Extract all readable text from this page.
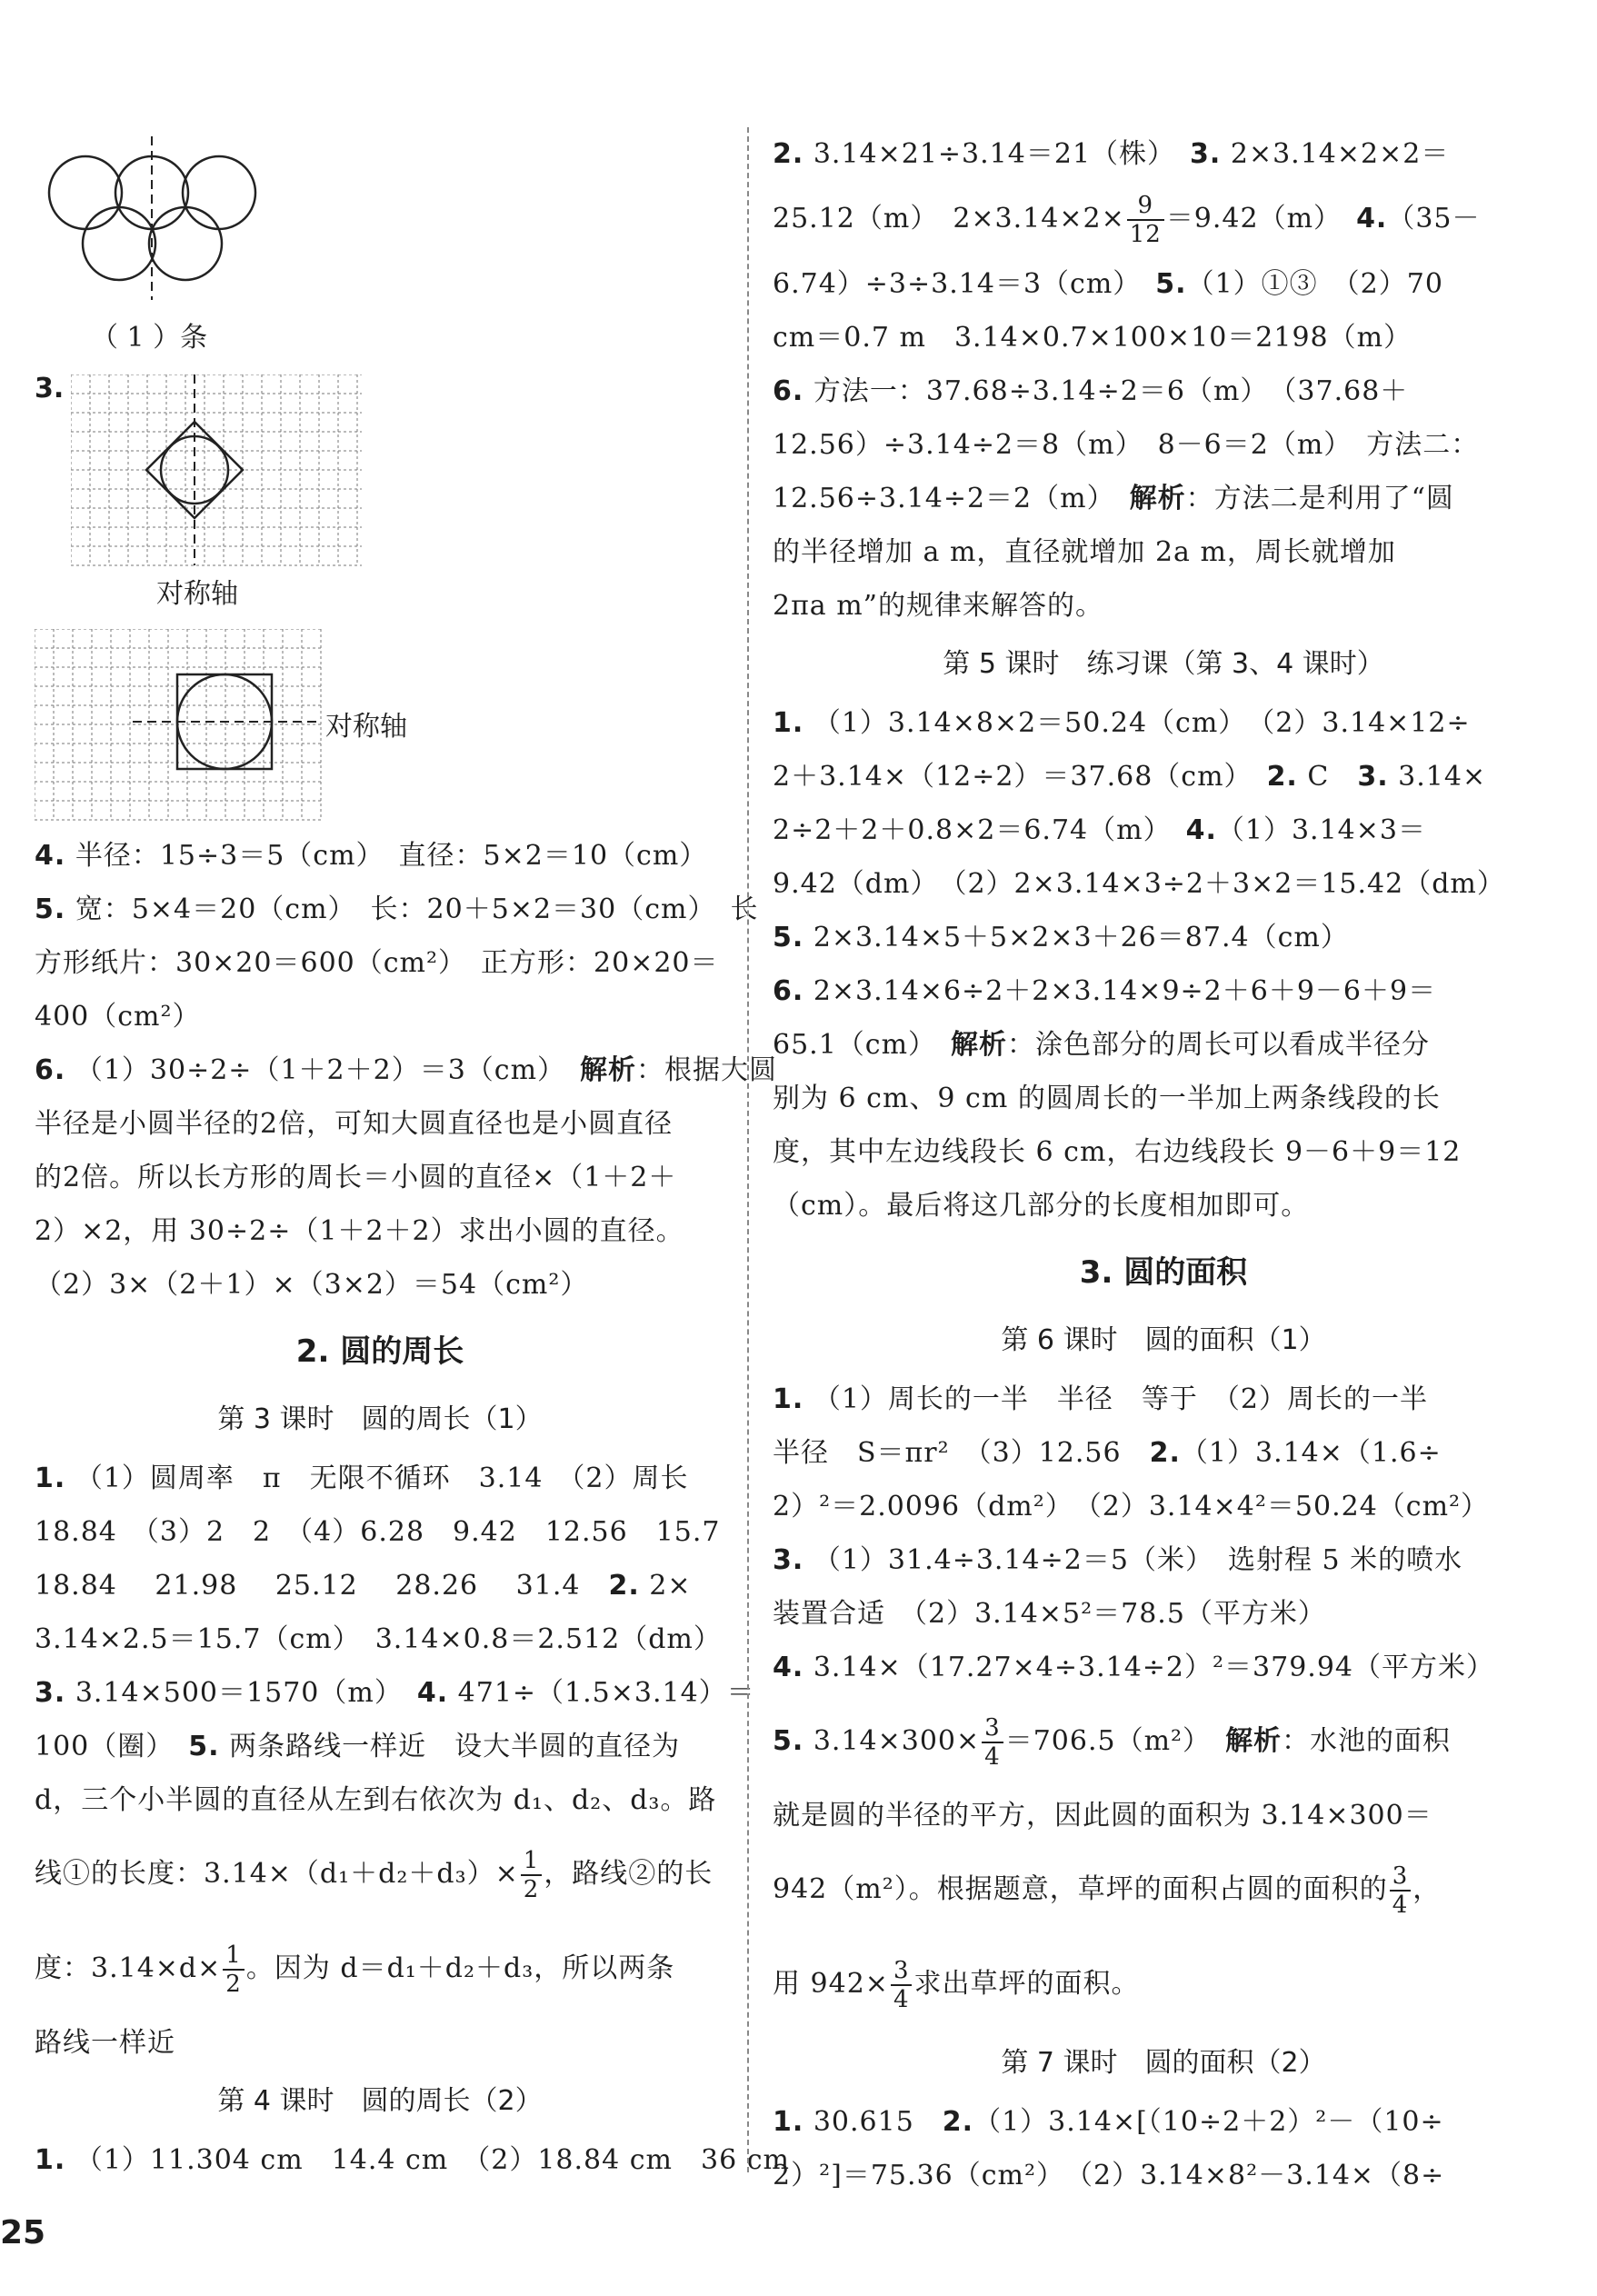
（ 1 ）条
3.
对称轴
对称轴

4. 半径：15÷3＝5（cm）　直径：5×2＝10（cm）

5. 宽：5×4＝20（cm）　长：20＋5×2＝30（cm）　长

方形纸片：30×20＝600（cm²）　正方形：20×20＝

400（cm²）

6. （1）30÷2÷（1＋2＋2）＝3（cm）　解析：根据大圆

半径是小圆半径的2倍，可知大圆直径也是小圆直径

的2倍。所以长方形的周长＝小圆的直径×（1＋2＋

2）×2，用 30÷2÷（1＋2＋2）求出小圆的直径。

（2）3×（2＋1）×（3×2）＝54（cm²）

2. 圆的周长
第 3 课时　圆的周长（1）

1. （1）圆周率　π　无限不循环　3.14　（2）周长

18.84　（3）2　2　（4）6.28　9.42　12.56　15.7

18.84　 21.98　 25.12　 28.26　 31.4　2. 2×

3.14×2.5＝15.7（cm）　3.14×0.8＝2.512（dm）

3. 3.14×500＝1570（m）　4. 471÷（1.5×3.14）＝

100（圈）　5. 两条路线一样近　设大半圆的直径为

d，三个小半圆的直径从左到右依次为 d₁、d₂、d₃。路

线①的长度：$3.14\times(d_1+d_2+d_3)\times \frac{1}{2}$ ，路线②的长

度：$3.14\times d\times \frac{1}{2}$ 。因为 d＝d₁＋d₂＋d₃，所以两条

路线一样近

第 4 课时　圆的周长（2）

1. （1）11.304 cm　14.4 cm　（2）18.84 cm　36 cm

2. 3.14×21÷3.14＝21（株）　3. 2×3.14×2×2＝

25.12（m）　$2\times 3.14\times 2\times \frac{9}{12} =9.42(m)$　4.（35－

6.74）÷3÷3.14＝3（cm）　5.（1）①③　（2）70

cm＝0.7 m　3.14×0.7×100×10＝2198（m）

6. 方法一：37.68÷3.14÷2＝6（m）　（37.68＋

12.56）÷3.14÷2＝8（m）　8－6＝2（m）　方法二：

12.56÷3.14÷2＝2（m）　解析：方法二是利用了“圆

的半径增加 a m，直径就增加 2a m，周长就增加

2πa m”的规律来解答的。

第 5 课时　练习课（第 3、4 课时）

1. （1）3.14×8×2＝50.24（cm）　（2）3.14×12÷

2＋3.14×（12÷2）＝37.68（cm）　2. C　3. 3.14×

2÷2＋2＋0.8×2＝6.74（m）　4.（1）3.14×3＝

9.42（dm）　（2）2×3.14×3÷2＋3×2＝15.42（dm）

5. 2×3.14×5＋5×2×3＋26＝87.4（cm）

6. 2×3.14×6÷2＋2×3.14×9÷2＋6＋9－6＋9＝

65.1（cm）　解析：涂色部分的周长可以看成半径分

别为 6 cm、9 cm 的圆周长的一半加上两条线段的长

度，其中左边线段长 6 cm，右边线段长 9－6＋9＝12

（cm）。最后将这几部分的长度相加即可。

3. 圆的面积
第 6 课时　圆的面积（1）

1. （1）周长的一半　半径　等于　（2）周长的一半

半径　S＝πr²　（3）12.56　2.（1）3.14×（1.6÷

2）²＝2.0096（dm²）　（2）3.14×4²＝50.24（cm²）

3. （1）31.4÷3.14÷2＝5（米）　选射程 5 米的喷水

装置合适　（2）3.14×5²＝78.5（平方米）

4. 3.14×（17.27×4÷3.14÷2）²＝379.94（平方米）

5. $3.14\times 300\times \frac{3}{4} =706.5(m^2)$　解析：水池的面积

就是圆的半径的平方，因此圆的面积为 3.14×300＝

942（m²）。根据题意，草坪的面积占圆的面积的 $\frac{3}{4}$ ，

用 $942\times \frac{3}{4}$ 求出草坪的面积。

第 7 课时　圆的面积（2）

1. 30.615　2.（1）3.14×[（10÷2＋2）²－（10÷

2）²]＝75.36（cm²）　（2）3.14×8²－3.14×（8÷

25
